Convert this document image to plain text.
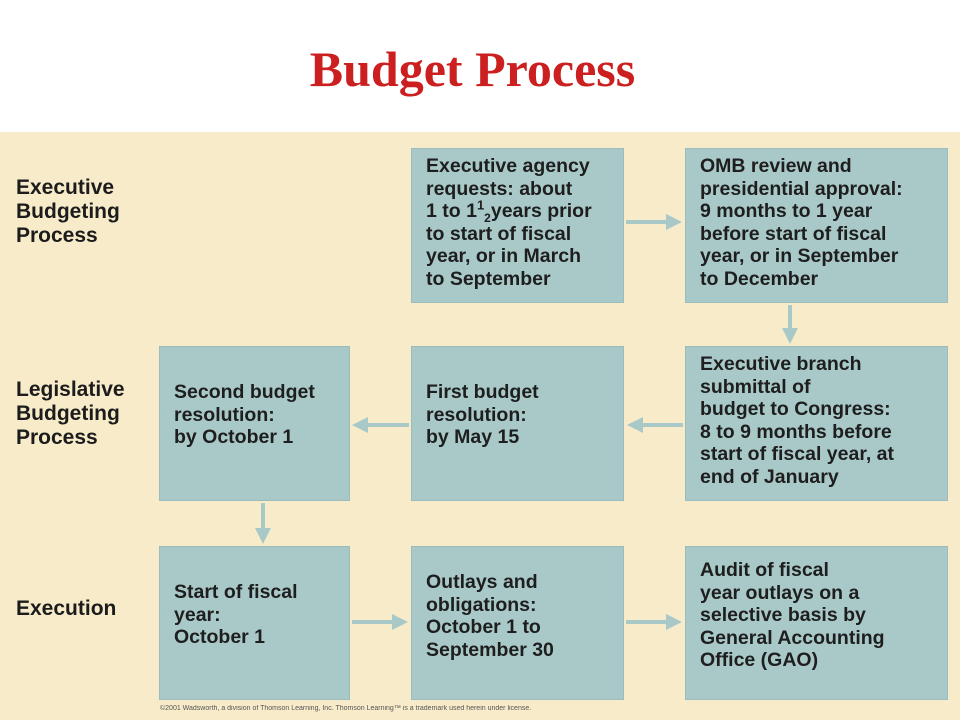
Budget Process
Executive
Budgeting
Process
Legislative
Budgeting
Process
Execution
Executive agency
requests: about
1 to $1^1_2years$ prior
to start of fiscal
year, or in March
to September
OMB review and
presidential approval:
9 months to 1 year
before start of fiscal
year, or in September
to December
Executive branch
submittal of
budget to Congress:
8 to 9 months before
start of fiscal year, at
end of January
First budget
resolution:
by May 15
Second budget
resolution:
by October 1
Start of fiscal
year:
October 1
Outlays and
obligations:
October 1 to
September 30
Audit of fiscal
year outlays on a
selective basis by
General Accounting
Office (GAO)
©2001 Wadsworth, a division of Thomson Learning, Inc. Thomson Learning™ is a trademark used herein under license.
